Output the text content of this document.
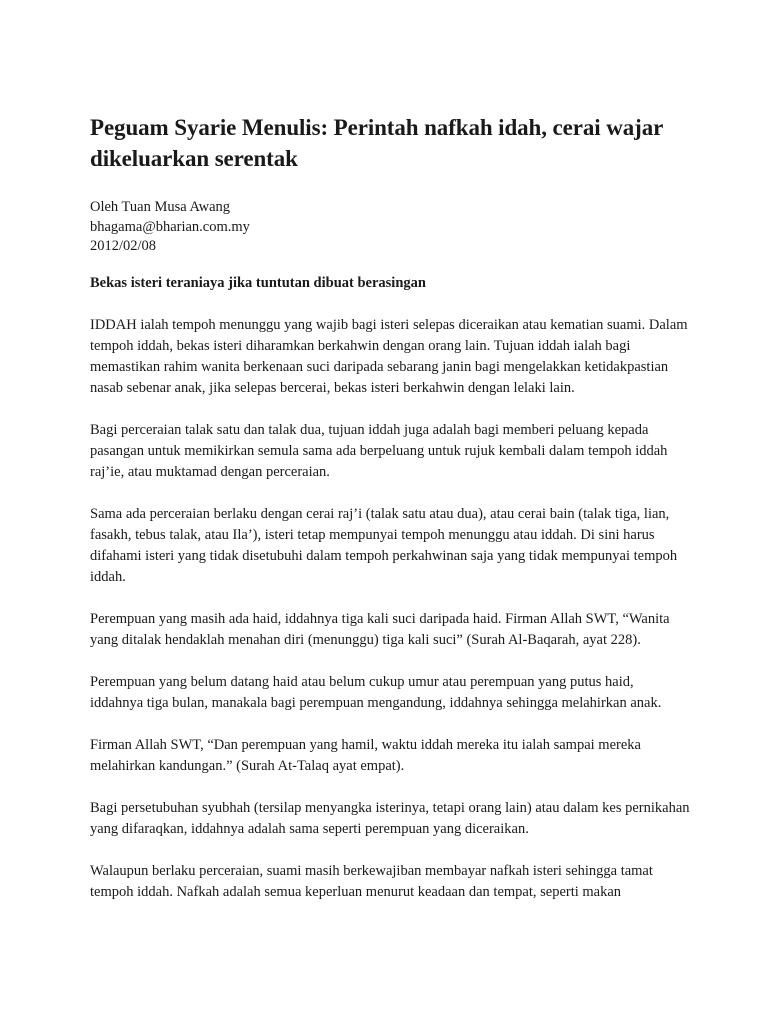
Peguam Syarie Menulis: Perintah nafkah idah, cerai wajar dikeluarkan serentak
Oleh Tuan Musa Awang
bhagama@bharian.com.my
2012/02/08
Bekas isteri teraniaya jika tuntutan dibuat berasingan

IDDAH ialah tempoh menunggu yang wajib bagi isteri selepas diceraikan atau kematian suami. Dalam tempoh iddah, bekas isteri diharamkan berkahwin dengan orang lain. Tujuan iddah ialah bagi memastikan rahim wanita berkenaan suci daripada sebarang janin bagi mengelakkan ketidakpastian nasab sebenar anak, jika selepas bercerai, bekas isteri berkahwin dengan lelaki lain.

Bagi perceraian talak satu dan talak dua, tujuan iddah juga adalah bagi memberi peluang kepada pasangan untuk memikirkan semula sama ada berpeluang untuk rujuk kembali dalam tempoh iddah raj’ie, atau muktamad dengan perceraian.

Sama ada perceraian berlaku dengan cerai raj’i (talak satu atau dua), atau cerai bain (talak tiga, lian, fasakh, tebus talak, atau Ila’), isteri tetap mempunyai tempoh menunggu atau iddah. Di sini harus difahami isteri yang tidak disetubuhi dalam tempoh perkahwinan saja yang tidak mempunyai tempoh iddah.

Perempuan yang masih ada haid, iddahnya tiga kali suci daripada haid. Firman Allah SWT, “Wanita yang ditalak hendaklah menahan diri (menunggu) tiga kali suci” (Surah Al-Baqarah, ayat 228).

Perempuan yang belum datang haid atau belum cukup umur atau perempuan yang putus haid, iddahnya tiga bulan, manakala bagi perempuan mengandung, iddahnya sehingga melahirkan anak.

Firman Allah SWT, “Dan perempuan yang hamil, waktu iddah mereka itu ialah sampai mereka melahirkan kandungan.” (Surah At-Talaq ayat empat).

Bagi persetubuhan syubhah (tersilap menyangka isterinya, tetapi orang lain) atau dalam kes pernikahan yang difaraqkan, iddahnya adalah sama seperti perempuan yang diceraikan.

Walaupun berlaku perceraian, suami masih berkewajiban membayar nafkah isteri sehingga tamat tempoh iddah. Nafkah adalah semua keperluan menurut keadaan dan tempat, seperti makan
